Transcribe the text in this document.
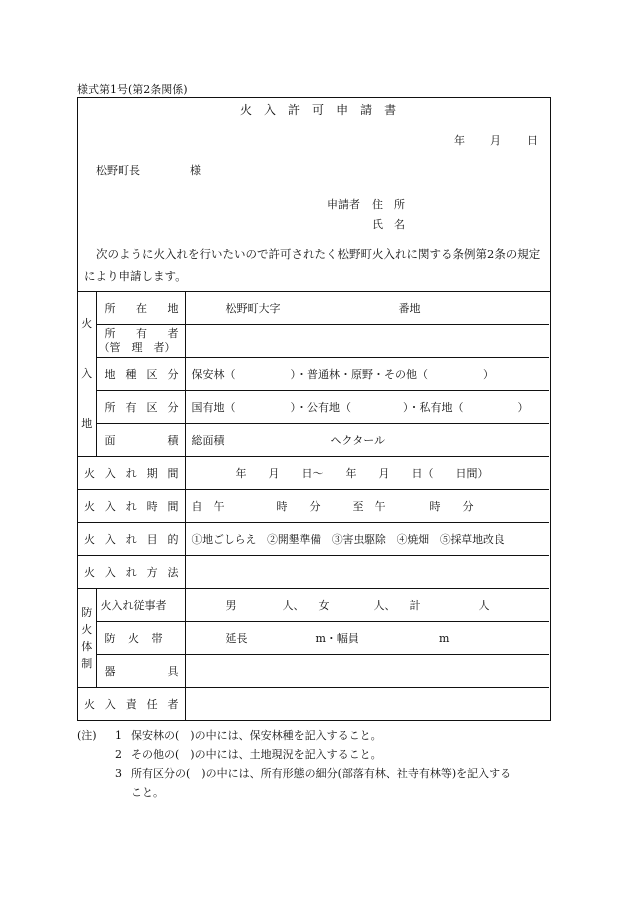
様式第1号(第2条関係)
火 入 許 可 申 請 書
年 月 日
松野町長	様
申請者 住　所
氏　名
次のように火入れを行いたいので許可されたく松野町火入れに関する条例第2条の規定
により申請します。
火
入
地	所 在 地	松野町大字 番地

	所 有 者
（管　理　者）	

	地 種 区 分	保安林（　　　　　）・普通林・原野・その他（　　　　　）

	所 有 区 分	国有地（　　　　　）・公有地（ ）・私有地（ ）

	面 積	総面積 ヘクタール

火 入 れ 期 間		年　　月　　日〜　　年　　月　　日（　　日間）

火 入 れ 時 間		自　午 時 分 至　午 時 分

火 入 れ 目 的		①地ごしらえ　②開墾準備　③害虫駆除　④焼畑　⑤採草地改良

火 入 れ 方 法		

防
火
体
制	火入れ従事者	男 人、 女 人、 計 人

	防 火 帯	延長 m・幅員 m

	器 具	

火 入 責 任 者		

(注) 1 保安林の(　)の中には、保安林種を記入すること。
2 その他の(　)の中には、土地現況を記入すること。
3 所有区分の(　)の中には、所有形態の細分(部落有林、社寺有林等)を記入する
こと。
